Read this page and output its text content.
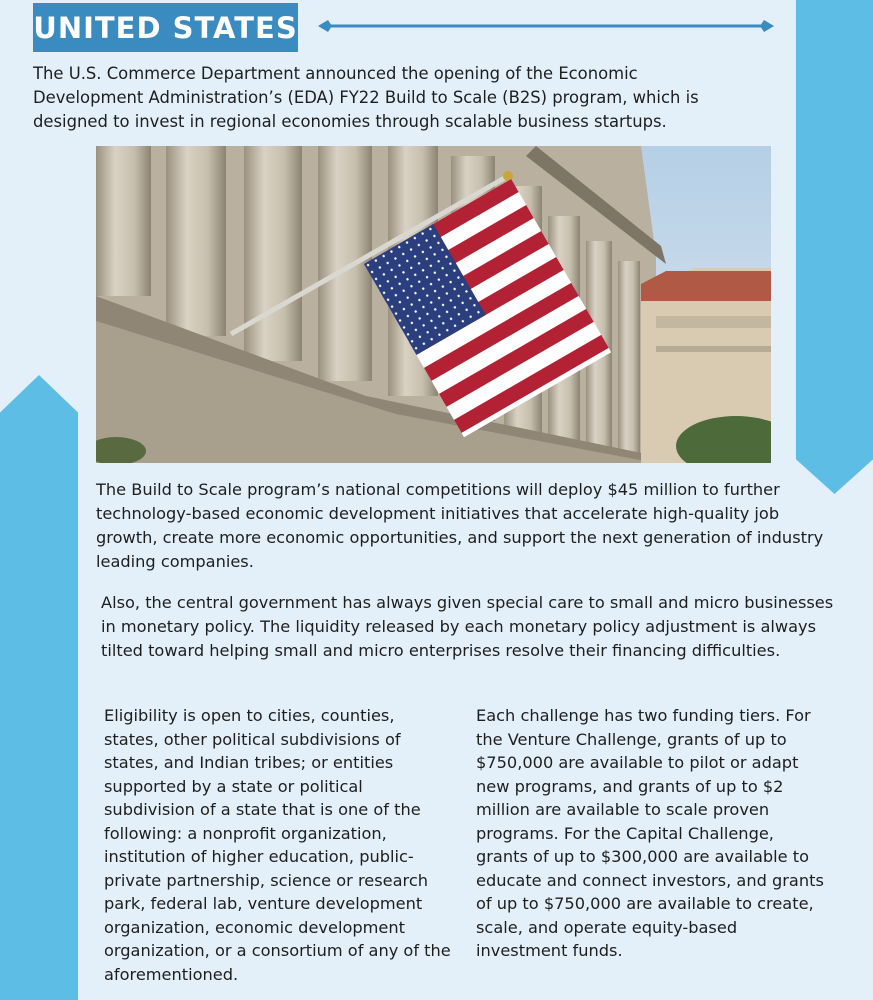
UNITED STATES

The U.S. Commerce Department announced the opening of the Economic Development Administration’s (EDA) FY22 Build to Scale (B2S) program, which is designed to invest in regional economies through scalable business startups.

The Build to Scale program’s national competitions will deploy $45 million to further technology-based economic development initiatives that accelerate high-quality job growth, create more economic opportunities, and support the next generation of industry leading companies.

Also, the central government has always given special care to small and micro businesses in monetary policy. The liquidity released by each monetary policy adjustment is always tilted toward helping small and micro enterprises resolve their financing difficulties.

Eligibility is open to cities, counties, states, other political subdivisions of states, and Indian tribes; or entities supported by a state or political subdivision of a state that is one of the following: a nonprofit organization, institution of higher education, public-private partnership, science or research park, federal lab, venture development organization, economic development organization, or a consortium of any of the aforementioned.

Each challenge has two funding tiers. For the Venture Challenge, grants of up to $750,000 are available to pilot or adapt new programs, and grants of up to $2 million are available to scale proven programs. For the Capital Challenge, grants of up to $300,000 are available to educate and connect investors, and grants of up to $750,000 are available to create, scale, and operate equity-based investment funds.
